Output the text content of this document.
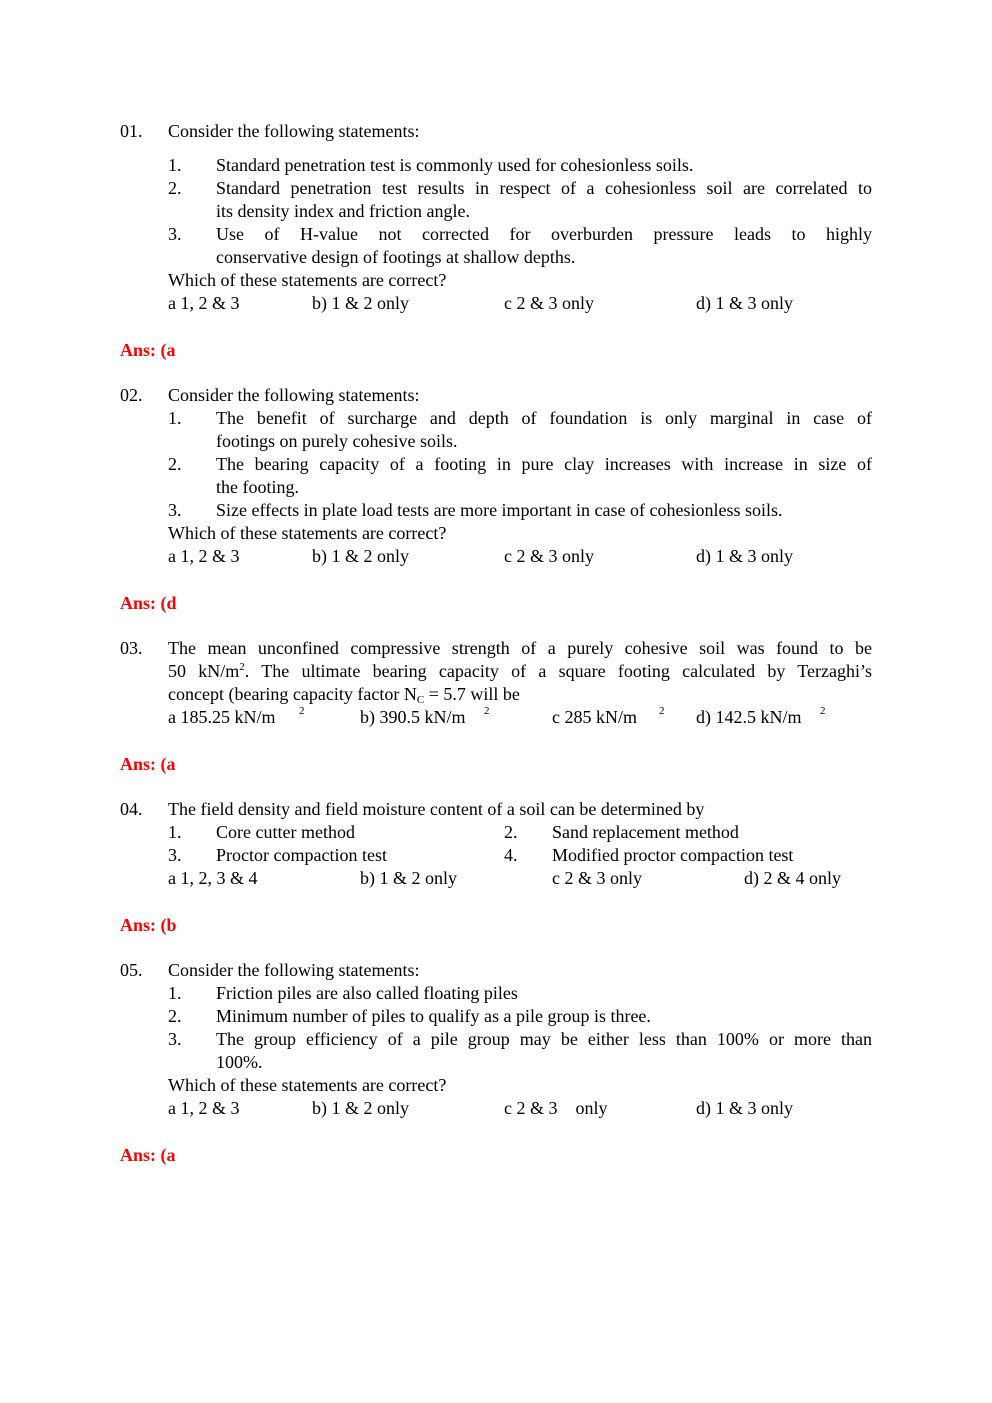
01. Consider the following statements:
1. Standard penetration test is commonly used for cohesionless soils.
2. Standard penetration test results in respect of a cohesionless soil are correlated to
its density index and friction angle.
3. Use of H-value not corrected for overburden pressure leads to highly
conservative design of footings at shallow depths.
Which of these statements are correct?
a 1, 2 & 3	b) 1 & 2 only	c 2 & 3 only	d) 1 & 3 only
Ans: (a
02. Consider the following statements:
1. The benefit of surcharge and depth of foundation is only marginal in case of
footings on purely cohesive soils.
2. The bearing capacity of a footing in pure clay increases with increase in size of
the footing.
3. Size effects in plate load tests are more important in case of cohesionless soils.
Which of these statements are correct?
a 1, 2 & 3	b) 1 & 2 only	c 2 & 3 only	d) 1 & 3 only
Ans: (d
03. The mean unconfined compressive strength of a purely cohesive soil was found to be
50 $kN/m^2$. The ultimate bearing capacity of a square footing calculated by Terzaghi’s
concept (bearing capacity factor $N_C = 5.7$ will be
a 185.25 kN/m 2	b) 390.5 kN/m 2	c 285 kN/m 2 d) 142.5 kN/m 2
Ans: (a
04. The field density and field moisture content of a soil can be determined by
1. Core cutter method	2. Sand replacement method
3. Proctor compaction test	4. Modified proctor compaction test
a 1, 2, 3 & 4	b) 1 & 2 only	c 2 & 3 only	d) 2 & 4 only
Ans: (b
05. Consider the following statements:
1. Friction piles are also called floating piles
2. Minimum number of piles to qualify as a pile group is three.
3. The group efficiency of a pile group may be either less than 100% or more than
100%.
Which of these statements are correct?
a 1, 2 & 3	b) 1 & 2 only	c 2 & 3    only	d) 1 & 3 only
Ans: (a
